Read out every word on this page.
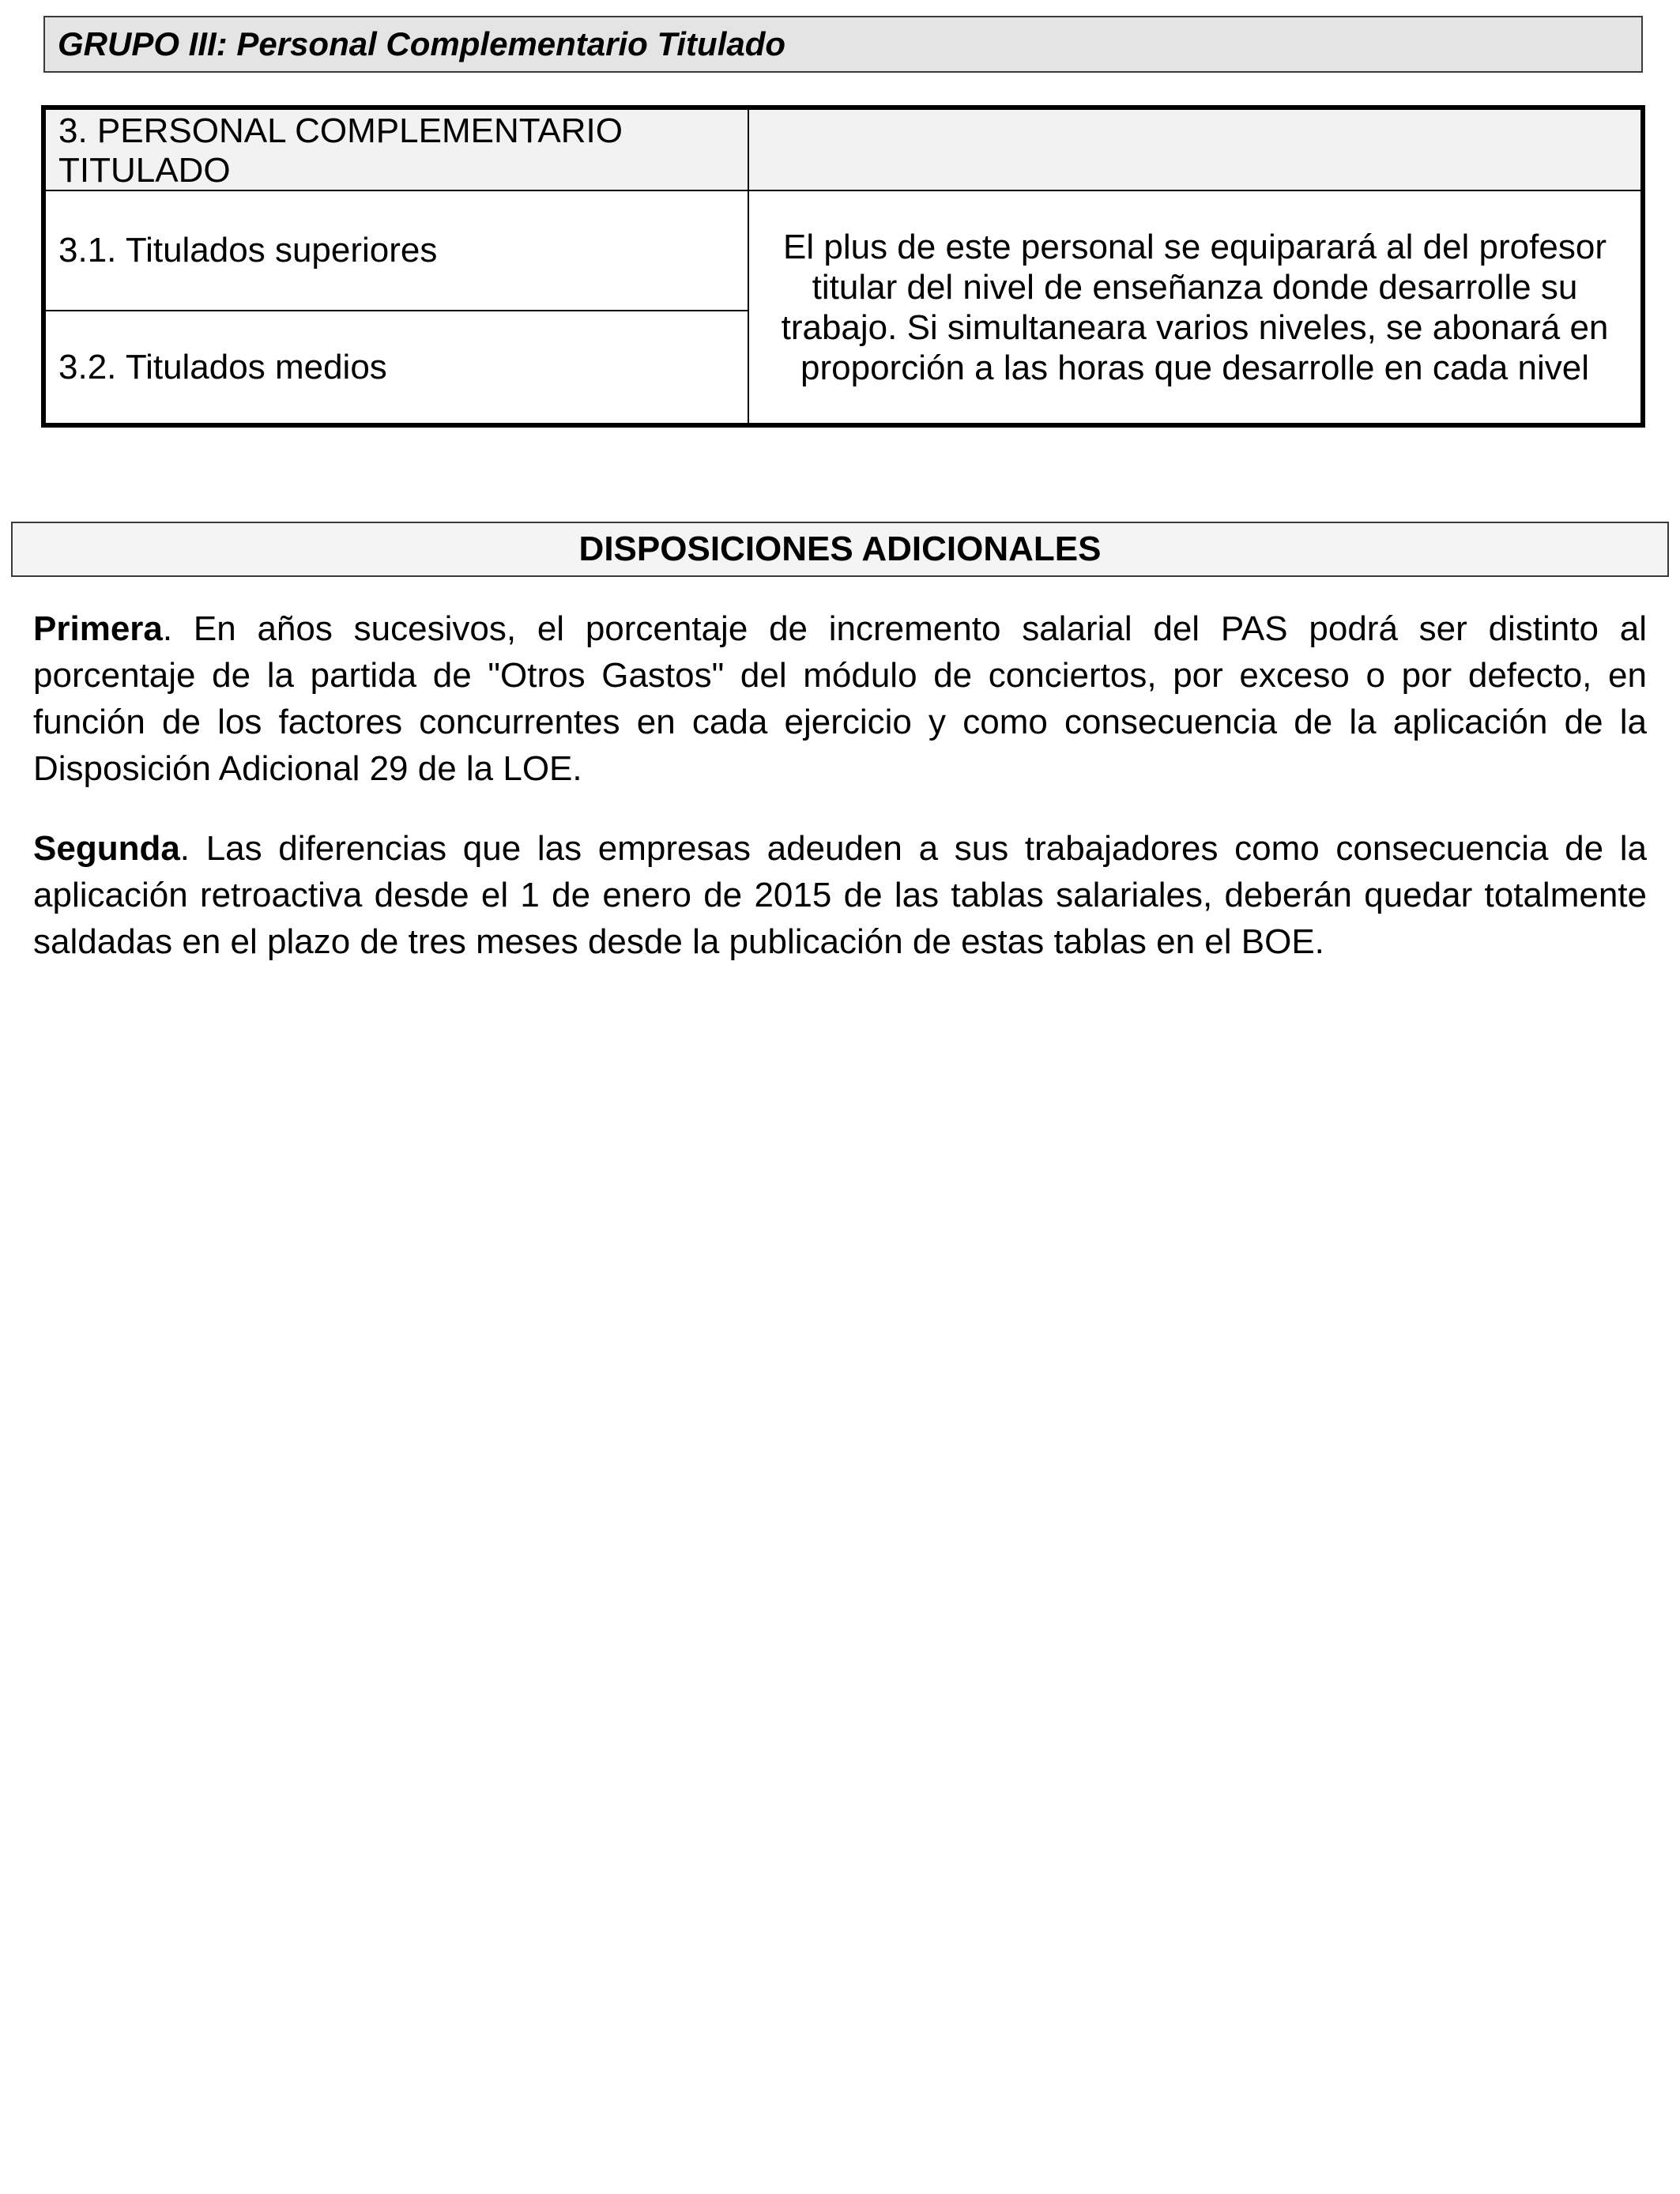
GRUPO III: Personal Complementario Titulado
3. PERSONAL COMPLEMENTARIO TITULADO
3.1. Titulados superiores
3.2. Titulados medios
El plus de este personal se equiparará al del profesor titular del nivel de enseñanza donde desarrolle su trabajo. Si simultaneara varios niveles, se abonará en proporción a las horas que desarrolle en cada nivel
DISPOSICIONES ADICIONALES

Primera. En años sucesivos, el porcentaje de incremento salarial del PAS podrá ser distinto al porcentaje de la partida de "Otros Gastos" del módulo de conciertos, por exceso o por defecto, en función de los factores concurrentes en cada ejercicio y como consecuencia de la aplicación de la Disposición Adicional 29 de la LOE.

Segunda. Las diferencias que las empresas adeuden a sus trabajadores como consecuencia de la aplicación retroactiva desde el 1 de enero de 2015 de las tablas salariales, deberán quedar totalmente saldadas en el plazo de tres meses desde la publicación de estas tablas en el BOE.
